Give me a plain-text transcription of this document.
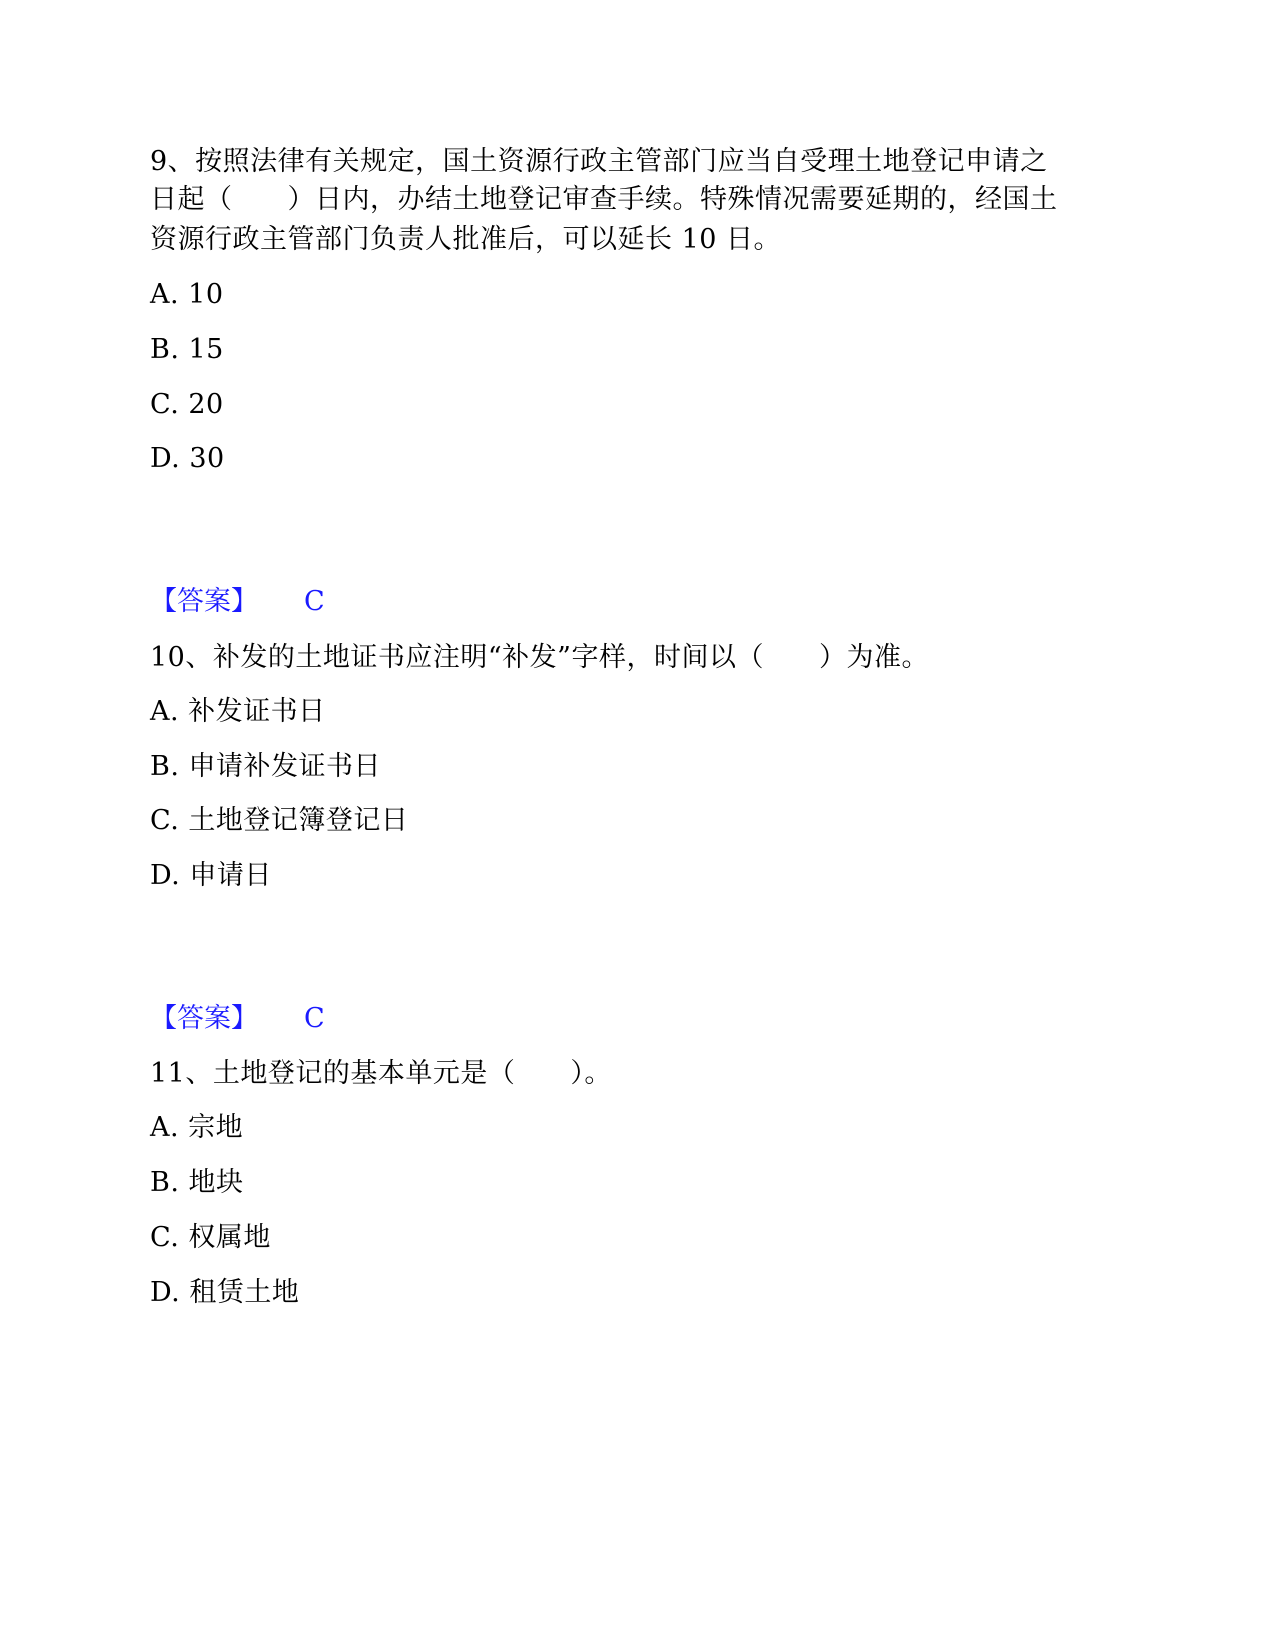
9、按照法律有关规定，国土资源行政主管部门应当自受理土地登记申请之
日起（　　）日内，办结土地登记审查手续。特殊情况需要延期的，经国土
资源行政主管部门负责人批准后，可以延长 10 日。
A. 10
B. 15
C. 20
D. 30
【答案】 C
10、补发的土地证书应注明“补发”字样，时间以（　　）为准。
A. 补发证书日
B. 申请补发证书日
C. 土地登记簿登记日
D. 申请日
【答案】 C
11、土地登记的基本单元是（　　）。
A. 宗地
B. 地块
C. 权属地
D. 租赁土地
